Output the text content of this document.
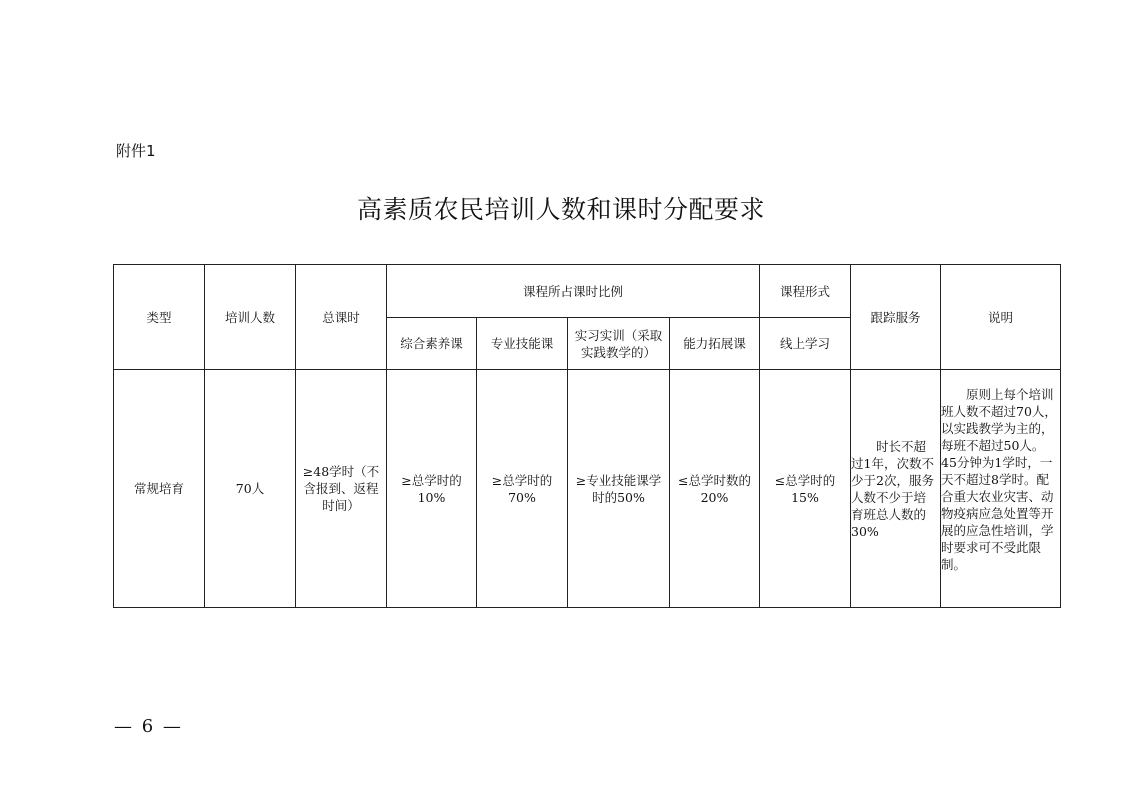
附件1
高素质农民培训人数和课时分配要求
类型	培训人数	总课时	课程所占课时比例				课程形式	跟踪服务	说明
			综合素养课	专业技能课	实习实训（采取实践教学的）	能力拓展课	线上学习		
常规培育	70人	≥48学时（不含报到、返程时间）	≥总学时的10%	≥总学时的70%	≥专业技能课学时的50%	≤总学时数的20%	≤总学时的15%	时长不超过1年，次数不少于2次，服务人数不少于培育班总人数的30%	原则上每个培训班人数不超过70人，以实践教学为主的，每班不超过50人。45分钟为1学时，一天不超过8学时。配合重大农业灾害、动物疫病应急处置等开展的应急性培训，学时要求可不受此限制。
— 6 —
